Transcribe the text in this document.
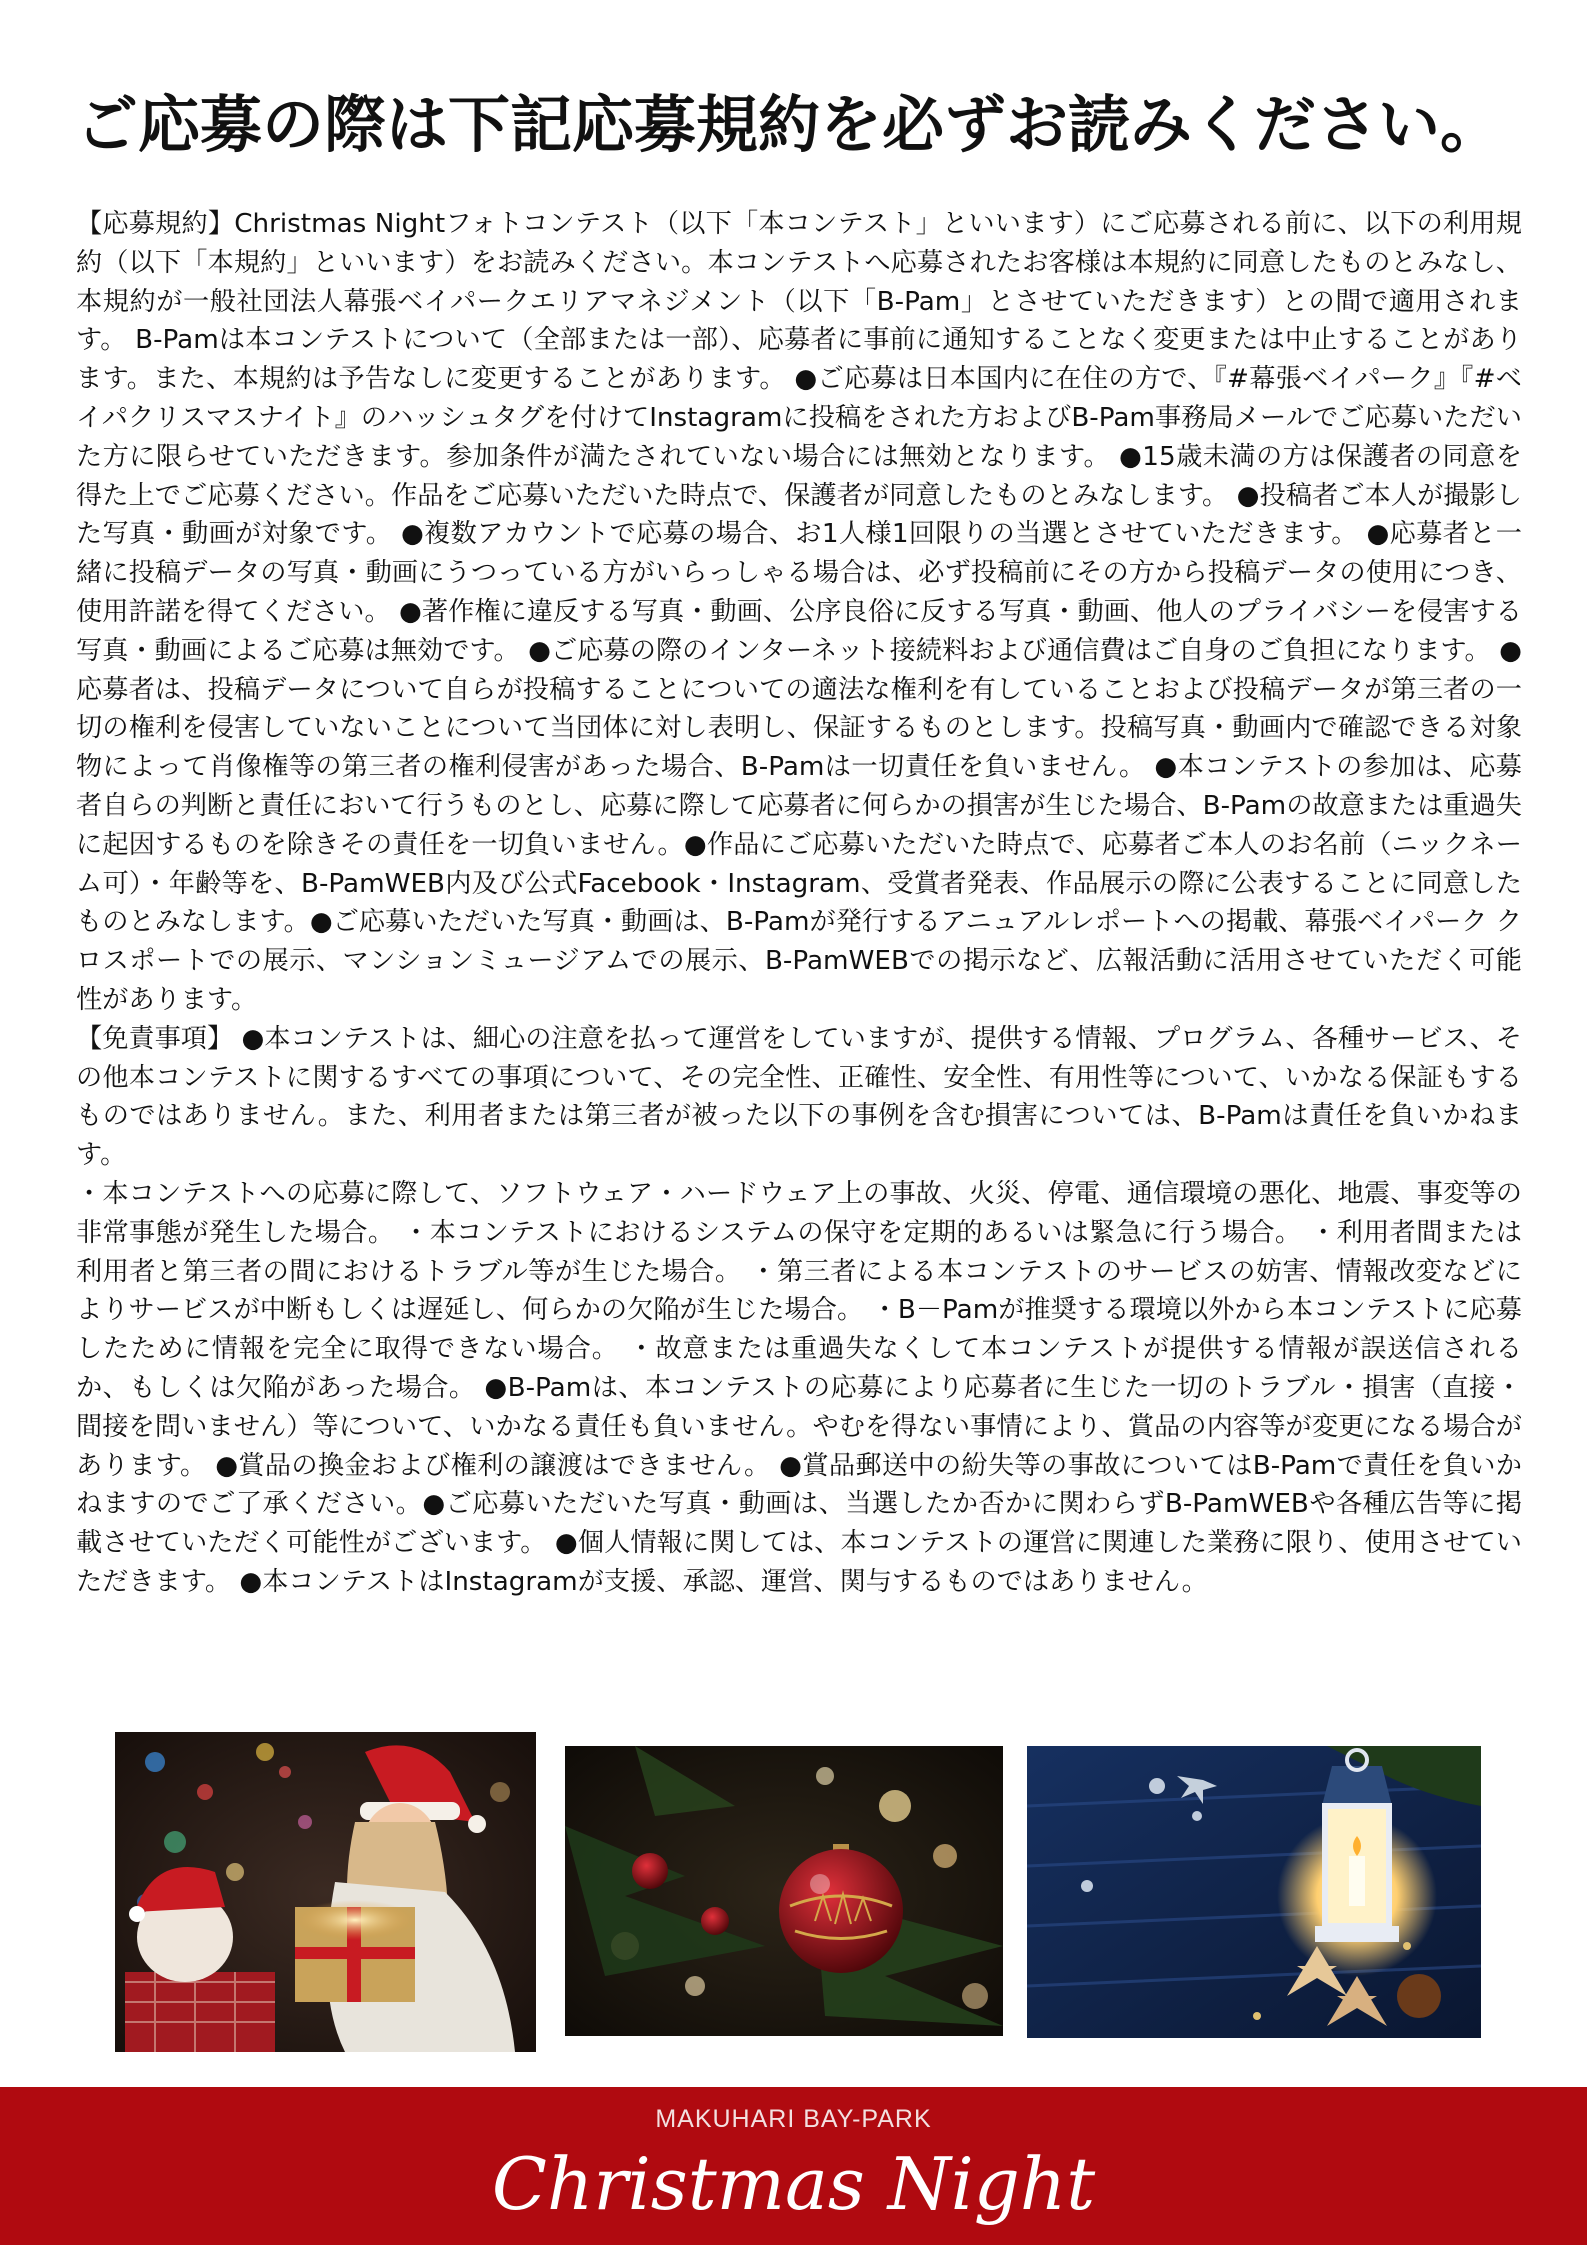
ご応募の際は下記応募規約を必ずお読みください。

【応募規約】Christmas Nightフォトコンテスト（以下「本コンテスト」といいます）にご応募される前に、以下の利用規約（以下「本規約」といいます）をお読みください。本コンテストへ応募されたお客様は本規約に同意したものとみなし、本規約が一般社団法人幕張ベイパークエリアマネジメント（以下「B-Pam」とさせていただきます）との間で適用されます。 B-Pamは本コンテストについて（全部または一部）、応募者に事前に通知することなく変更または中止することがあります。また、本規約は予告なしに変更することがあります。 ●ご応募は日本国内に在住の方で、『#幕張ベイパーク』『#ベイパクリスマスナイト』のハッシュタグを付けてInstagramに投稿をされた方およびB-Pam事務局メールでご応募いただいた方に限らせていただきます。参加条件が満たされていない場合には無効となります。 ●15歳未満の方は保護者の同意を得た上でご応募ください。作品をご応募いただいた時点で、保護者が同意したものとみなします。 ●投稿者ご本人が撮影した写真・動画が対象です。 ●複数アカウントで応募の場合、お1人様1回限りの当選とさせていただきます。 ●応募者と一緒に投稿データの写真・動画にうつっている方がいらっしゃる場合は、必ず投稿前にその方から投稿データの使用につき、使用許諾を得てください。 ●著作権に違反する写真・動画、公序良俗に反する写真・動画、他人のプライバシーを侵害する写真・動画によるご応募は無効です。 ●ご応募の際のインターネット接続料および通信費はご自身のご負担になります。 ●応募者は、投稿データについて自らが投稿することについての適法な権利を有していることおよび投稿データが第三者の一切の権利を侵害していないことについて当団体に対し表明し、保証するものとします。投稿写真・動画内で確認できる対象物によって肖像権等の第三者の権利侵害があった場合、B-Pamは一切責任を負いません。 ●本コンテストの参加は、応募者自らの判断と責任において行うものとし、応募に際して応募者に何らかの損害が生じた場合、B-Pamの故意または重過失に起因するものを除きその責任を一切負いません。●作品にご応募いただいた時点で、応募者ご本人のお名前（ニックネーム可）・年齢等を、B-PamWEB内及び公式Facebook・Instagram、受賞者発表、作品展示の際に公表することに同意したものとみなします。●ご応募いただいた写真・動画は、B-Pamが発行するアニュアルレポートへの掲載、幕張ベイパーク クロスポートでの展示、マンションミュージアムでの展示、B-PamWEBでの掲示など、広報活動に活用させていただく可能性があります。

【免責事項】 ●本コンテストは、細心の注意を払って運営をしていますが、提供する情報、プログラム、各種サービス、その他本コンテストに関するすべての事項について、その完全性、正確性、安全性、有用性等について、いかなる保証もするものではありません。また、利用者または第三者が被った以下の事例を含む損害については、B-Pamは責任を負いかねます。

・本コンテストへの応募に際して、ソフトウェア・ハードウェア上の事故、火災、停電、通信環境の悪化、地震、事変等の非常事態が発生した場合。 ・本コンテストにおけるシステムの保守を定期的あるいは緊急に行う場合。 ・利用者間または利用者と第三者の間におけるトラブル等が生じた場合。 ・第三者による本コンテストのサービスの妨害、情報改変などによりサービスが中断もしくは遅延し、何らかの欠陥が生じた場合。 ・B－Pamが推奨する環境以外から本コンテストに応募したために情報を完全に取得できない場合。 ・故意または重過失なくして本コンテストが提供する情報が誤送信されるか、もしくは欠陥があった場合。 ●B-Pamは、本コンテストの応募により応募者に生じた一切のトラブル・損害（直接・間接を問いません）等について、いかなる責任も負いません。やむを得ない事情により、賞品の内容等が変更になる場合があります。 ●賞品の換金および権利の譲渡はできません。 ●賞品郵送中の紛失等の事故についてはB-Pamで責任を負いかねますのでご了承ください。●ご応募いただいた写真・動画は、当選したか否かに関わらずB-PamWEBや各種広告等に掲載させていただく可能性がございます。 ●個人情報に関しては、本コンテストの運営に関連した業務に限り、使用させていただきます。 ●本コンテストはInstagramが支援、承認、運営、関与するものではありません。

MAKUHARI BAY-PARK
Christmas Night
